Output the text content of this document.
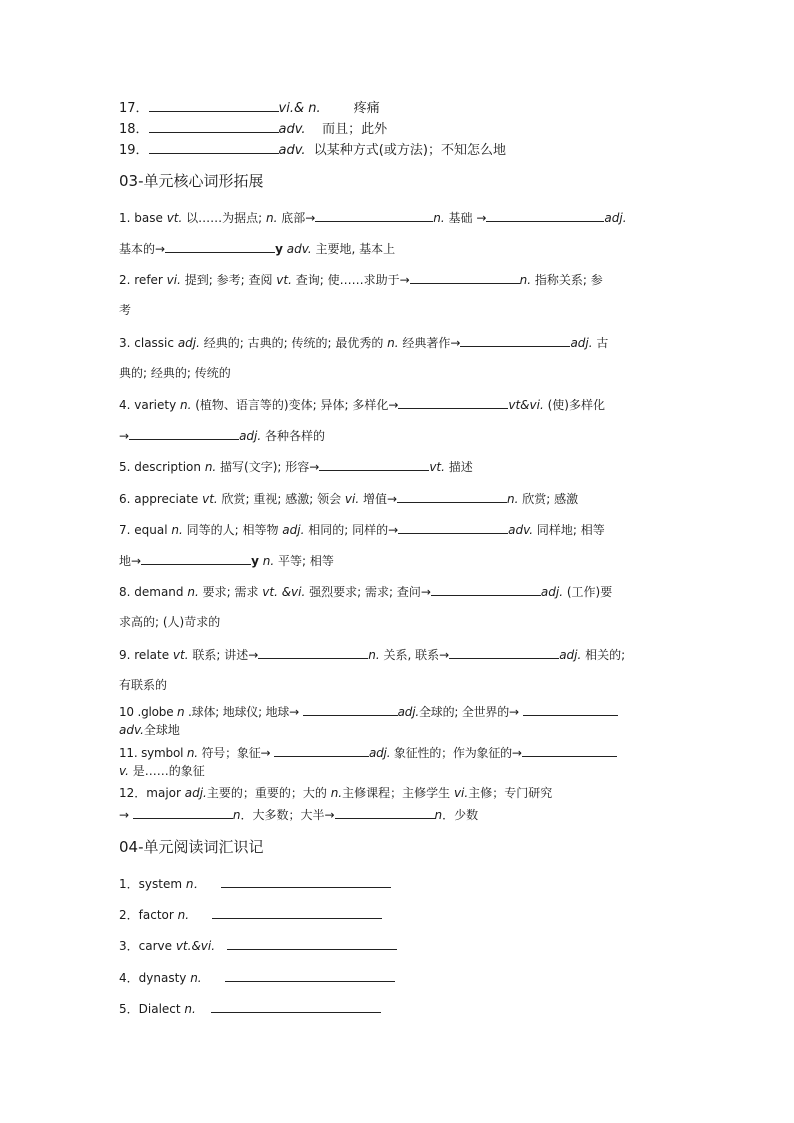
17．	vi.& n.	疼痛
18．	adv. 而且；此外
19．	adv. 以某种方式(或方法)；不知怎么地
03-单元核心词形拓展
1. base vt. 以……为据点; n. 底部→	n. 基础 →	adj.
基本的→	y adv. 主要地, 基本上
2. refer vi. 提到; 参考; 查阅 vt. 查询; 使……求助于→	n. 指称关系; 参
考
3. classic adj. 经典的; 古典的; 传统的; 最优秀的 n. 经典著作→	adj. 古
典的; 经典的; 传统的
4. variety n. (植物、语言等的)变体; 异体; 多样化→	vt&vi. (使)多样化
→	adj. 各种各样的
5. description n. 描写(文字); 形容→	vt. 描述
6. appreciate vt. 欣赏; 重视; 感激; 领会 vi. 增值→	n. 欣赏; 感激
7. equal n. 同等的人; 相等物 adj. 相同的; 同样的→	adv. 同样地; 相等
地→	y n. 平等; 相等
8. demand n. 要求; 需求 vt. &vi. 强烈要求; 需求; 查问→	adj. (工作)要
求高的; (人)苛求的
9. relate vt. 联系; 讲述→	n. 关系, 联系→	adj. 相关的;
有联系的
10 .globe n .球体; 地球仪; 地球→	adj.全球的; 全世界的→
adv.全球地
11. symbol n. 符号；象征→	adj. 象征性的；作为象征的→
v. 是……的象征
12．major adj.主要的；重要的；大的 n.主修课程；主修学生 vi.主修；专门研究
→	n．大多数；大半→	n．少数
04-单元阅读词汇识记
1．system n．
2．factor n.
3．carve vt.&vi.
4．dynasty n.
5．Dialect n.
